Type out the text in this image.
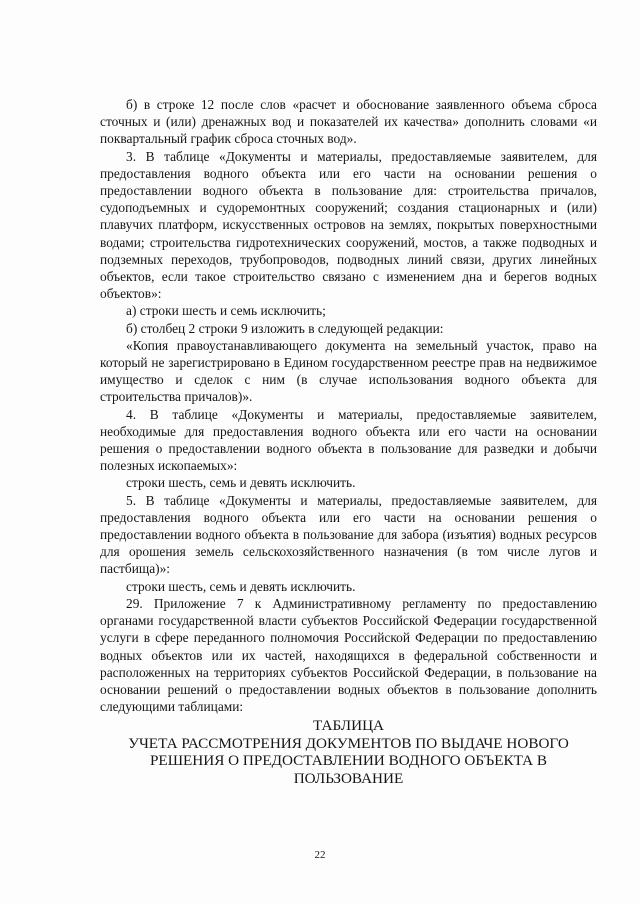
б) в строке 12 после слов «расчет и обоснование заявленного объема сброса сточных и (или) дренажных вод и показателей их качества» дополнить словами «и поквартальный график сброса сточных вод».

3. В таблице «Документы и материалы, предоставляемые заявителем, для предоставления водного объекта или его части на основании решения о предоставлении водного объекта в пользование для: строительства причалов, судоподъемных и судоремонтных сооружений; создания стационарных и (или) плавучих платформ, искусственных островов на землях, покрытых поверхностными водами; строительства гидротехнических сооружений, мостов, а также подводных и подземных переходов, трубопроводов, подводных линий связи, других линейных объектов, если такое строительство связано с изменением дна и берегов водных объектов»:

а) строки шесть и семь исключить;

б) столбец 2 строки 9 изложить в следующей редакции:

«Копия правоустанавливающего документа на земельный участок, право на который не зарегистрировано в Едином государственном реестре прав на недвижимое имущество и сделок с ним (в случае использования водного объекта для строительства причалов)».

4. В таблице «Документы и материалы, предоставляемые заявителем, необходимые для предоставления водного объекта или его части на основании решения о предоставлении водного объекта в пользование для разведки и добычи полезных ископаемых»:

строки шесть, семь и девять исключить.

5. В таблице «Документы и материалы, предоставляемые заявителем, для предоставления водного объекта или его части на основании решения о предоставлении водного объекта в пользование для забора (изъятия) водных ресурсов для орошения земель сельскохозяйственного назначения (в том числе лугов и пастбища)»:

строки шесть, семь и девять исключить.

29. Приложение 7 к Административному регламенту по предоставлению органами государственной власти субъектов Российской Федерации государственной услуги в сфере переданного полномочия Российской Федерации по предоставлению водных объектов или их частей, находящихся в федеральной собственности и расположенных на территориях субъектов Российской Федерации, в пользование на основании решений о предоставлении водных объектов в пользование дополнить следующими таблицами:

ТАБЛИЦА
УЧЕТА РАССМОТРЕНИЯ ДОКУМЕНТОВ ПО ВЫДАЧЕ НОВОГО
РЕШЕНИЯ О ПРЕДОСТАВЛЕНИИ ВОДНОГО ОБЪЕКТА В
ПОЛЬЗОВАНИЕ
22
